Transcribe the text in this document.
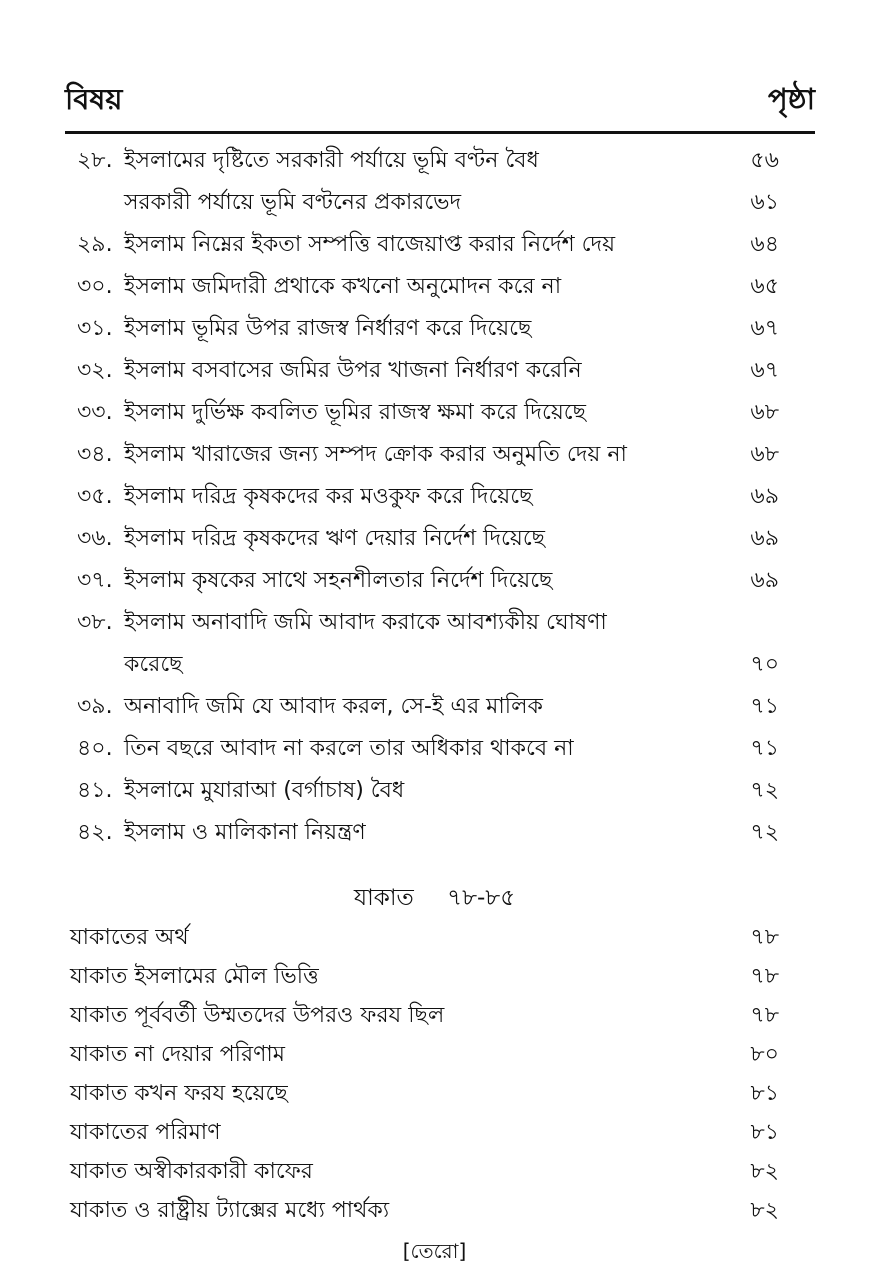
বিষয়	পৃষ্ঠা
২৮. ইসলামের দৃষ্টিতে সরকারী পর্যায়ে ভূমি বণ্টন বৈধ	৫৬
সরকারী পর্যায়ে ভূমি বণ্টনের প্রকারভেদ	৬১
২৯. ইসলাম নিম্নের ইকতা সম্পত্তি বাজেয়াপ্ত করার নির্দেশ দেয়	৬৪
৩০. ইসলাম জমিদারী প্রথাকে কখনো অনুমোদন করে না	৬৫
৩১. ইসলাম ভূমির উপর রাজস্ব নির্ধারণ করে দিয়েছে	৬৭
৩২. ইসলাম বসবাসের জমির উপর খাজনা নির্ধারণ করেনি	৬৭
৩৩. ইসলাম দুর্ভিক্ষ কবলিত ভূমির রাজস্ব ক্ষমা করে দিয়েছে	৬৮
৩৪. ইসলাম খারাজের জন্য সম্পদ ক্রোক করার অনুমতি দেয় না	৬৮
৩৫. ইসলাম দরিদ্র কৃষকদের কর মওকুফ করে দিয়েছে	৬৯
৩৬. ইসলাম দরিদ্র কৃষকদের ঋণ দেয়ার নির্দেশ দিয়েছে	৬৯
৩৭. ইসলাম কৃষকের সাথে সহনশীলতার নির্দেশ দিয়েছে	৬৯
৩৮. ইসলাম অনাবাদি জমি আবাদ করাকে আবশ্যকীয় ঘোষণা
করেছে	৭০
৩৯. অনাবাদি জমি যে আবাদ করল, সে-ই এর মালিক	৭১
৪০. তিন বছরে আবাদ না করলে তার অধিকার থাকবে না	৭১
৪১. ইসলামে মুযারাআ (বর্গাচাষ) বৈধ	৭২
৪২. ইসলাম ও মালিকানা নিয়ন্ত্রণ	৭২
যাকাত ৭৮-৮৫
যাকাতের অর্থ	৭৮
যাকাত ইসলামের মৌল ভিত্তি	৭৮
যাকাত পূর্ববর্তী উম্মতদের উপরও ফরয ছিল	৭৮
যাকাত না দেয়ার পরিণাম	৮০
যাকাত কখন ফরয হয়েছে	৮১
যাকাতের পরিমাণ	৮১
যাকাত অস্বীকারকারী কাফের	৮২
যাকাত ও রাষ্ট্রীয় ট্যাক্সের মধ্যে পার্থক্য	৮২
[তেরো]
